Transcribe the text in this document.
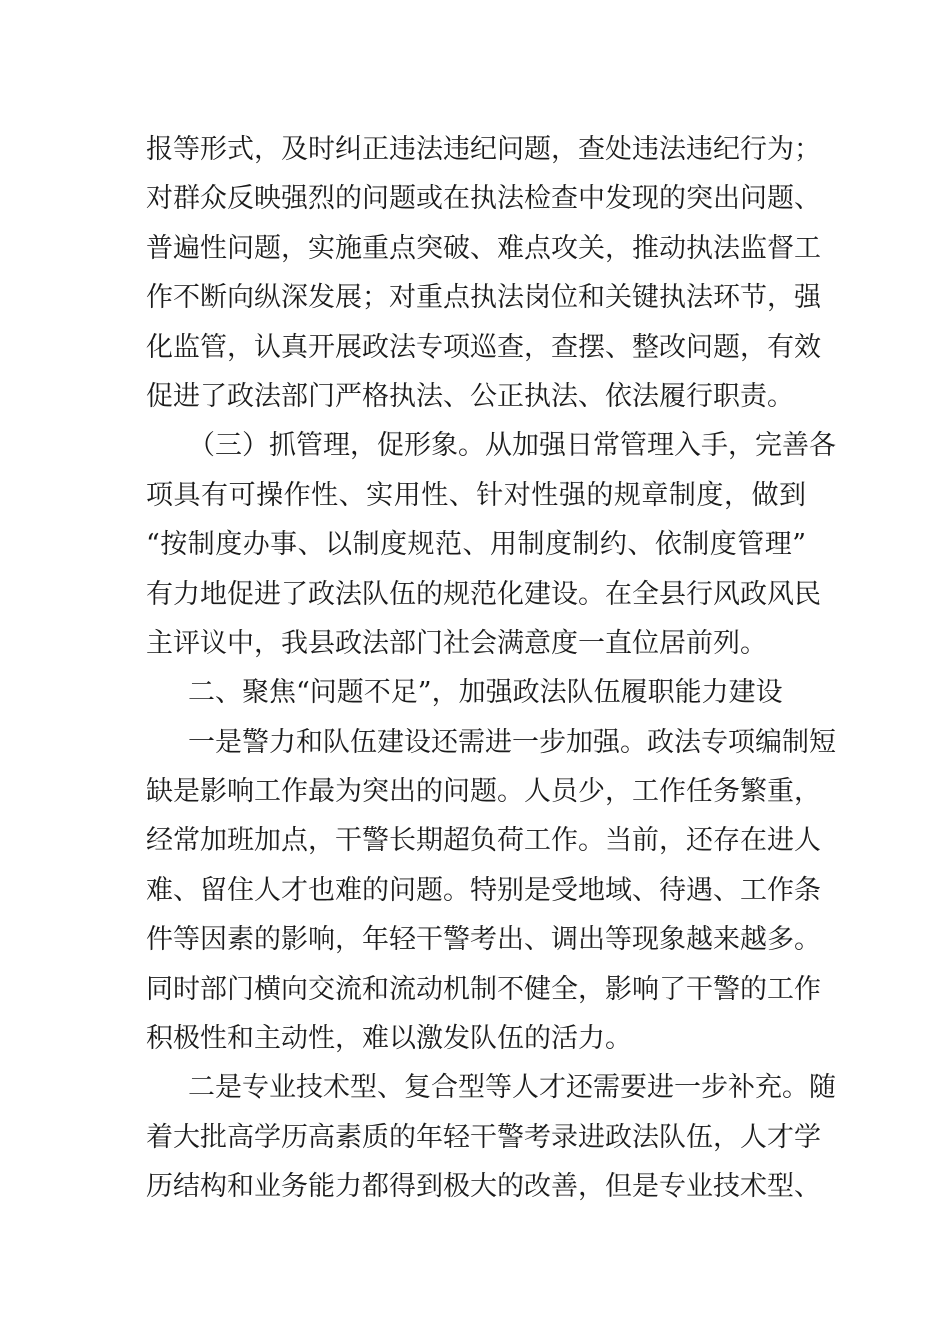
报等形式，及时纠正违法违纪问题，查处违法违纪行为；
对群众反映强烈的问题或在执法检查中发现的突出问题、
普遍性问题，实施重点突破、难点攻关，推动执法监督工
作不断向纵深发展；对重点执法岗位和关键执法环节，强
化监管，认真开展政法专项巡查，查摆、整改问题，有效
促进了政法部门严格执法、公正执法、依法履行职责。
（三）抓管理，促形象。从加强日常管理入手，完善各
项具有可操作性、实用性、针对性强的规章制度，做到
“按制度办事、以制度规范、用制度制约、依制度管理”
有力地促进了政法队伍的规范化建设。在全县行风政风民
主评议中，我县政法部门社会满意度一直位居前列。
二、聚焦“问题不足”，加强政法队伍履职能力建设
一是警力和队伍建设还需进一步加强。政法专项编制短
缺是影响工作最为突出的问题。人员少，工作任务繁重，
经常加班加点，干警长期超负荷工作。当前，还存在进人
难、留住人才也难的问题。特别是受地域、待遇、工作条
件等因素的影响，年轻干警考出、调出等现象越来越多。
同时部门横向交流和流动机制不健全，影响了干警的工作
积极性和主动性，难以激发队伍的活力。
二是专业技术型、复合型等人才还需要进一步补充。随
着大批高学历高素质的年轻干警考录进政法队伍，人才学
历结构和业务能力都得到极大的改善，但是专业技术型、
